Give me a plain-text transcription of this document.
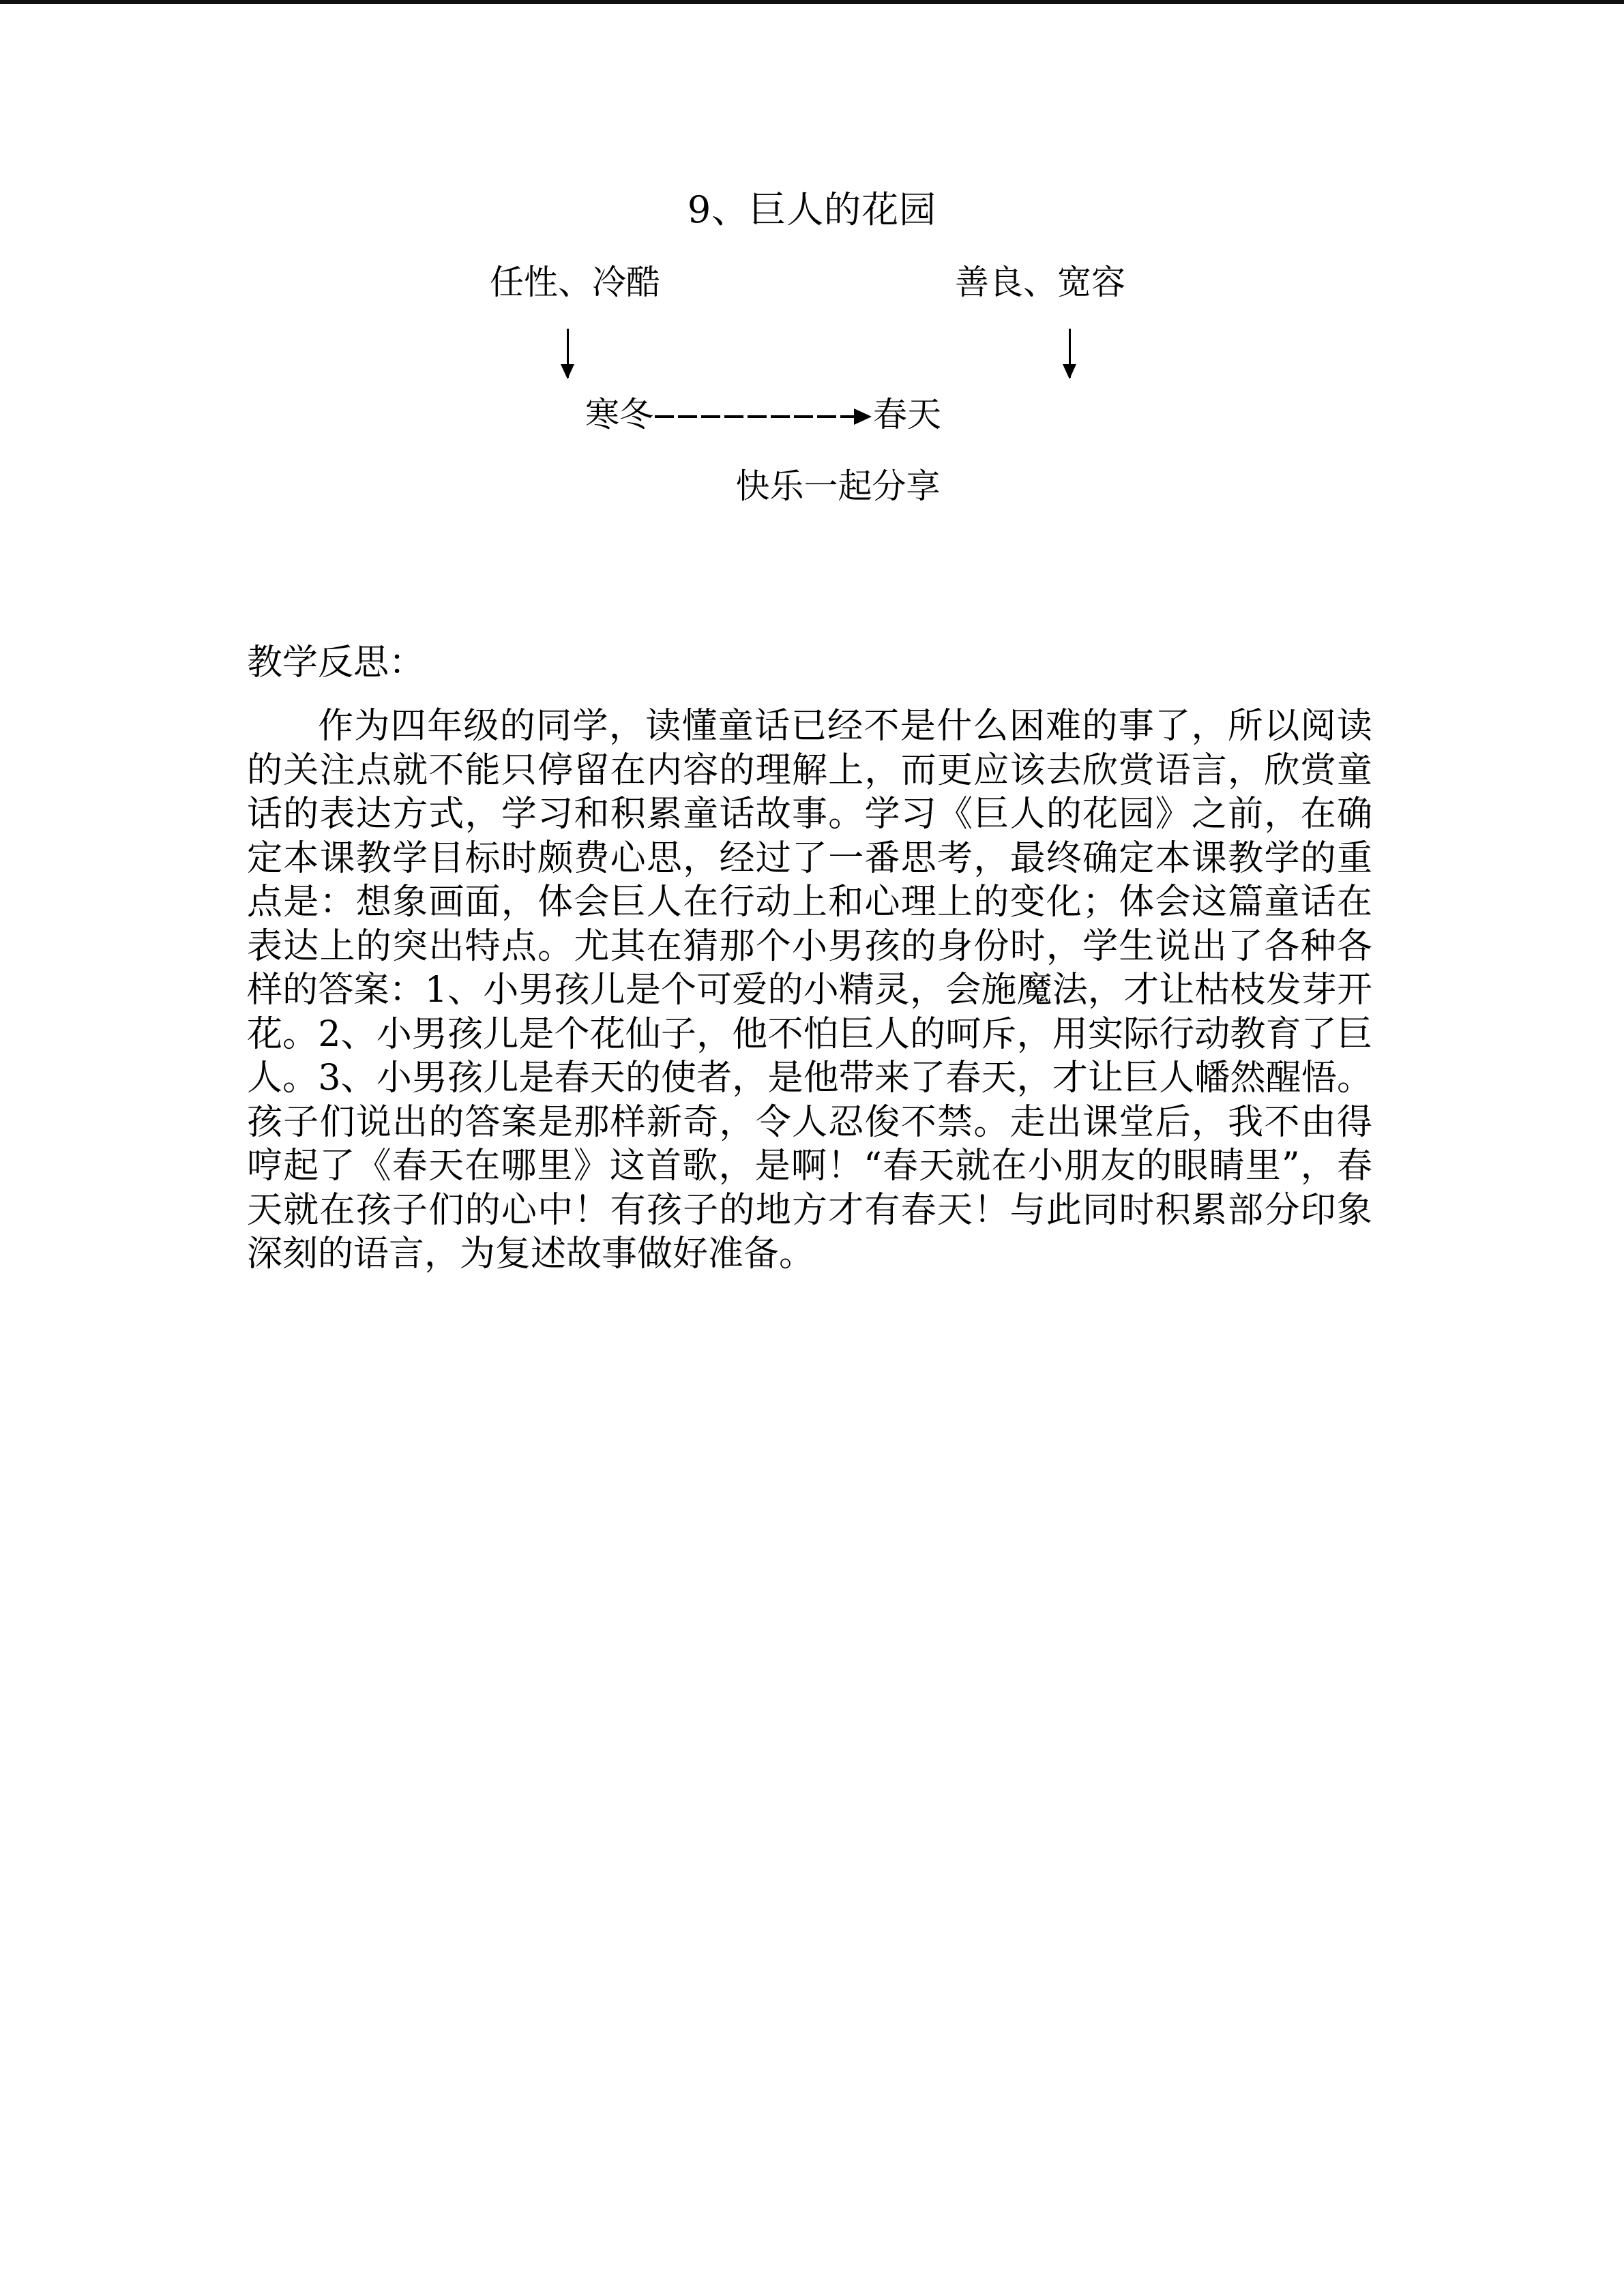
9、巨人的花园
任性、冷酷	善良、宽容
寒冬	春天
快乐一起分享
教学反思：

作为四年级的同学，读懂童话已经不是什么困难的事了，所以阅读的关注点就不能只停留在内容的理解上，而更应该去欣赏语言，欣赏童话的表达方式，学习和积累童话故事。学习《巨人的花园》之前，在确定本课教学目标时颇费心思，经过了一番思考，最终确定本课教学的重点是：想象画面，体会巨人在行动上和心理上的变化；体会这篇童话在表达上的突出特点。尤其在猜那个小男孩的身份时，学生说出了各种各样的答案：1、小男孩儿是个可爱的小精灵，会施魔法，才让枯枝发芽开花。2、小男孩儿是个花仙子，他不怕巨人的呵斥，用实际行动教育了巨人。3、小男孩儿是春天的使者，是他带来了春天，才让巨人幡然醒悟。孩子们说出的答案是那样新奇，令人忍俊不禁。走出课堂后，我不由得哼起了《春天在哪里》这首歌，是啊！“春天就在小朋友的眼睛里”，春天就在孩子们的心中！有孩子的地方才有春天！与此同时积累部分印象深刻的语言，为复述故事做好准备。
